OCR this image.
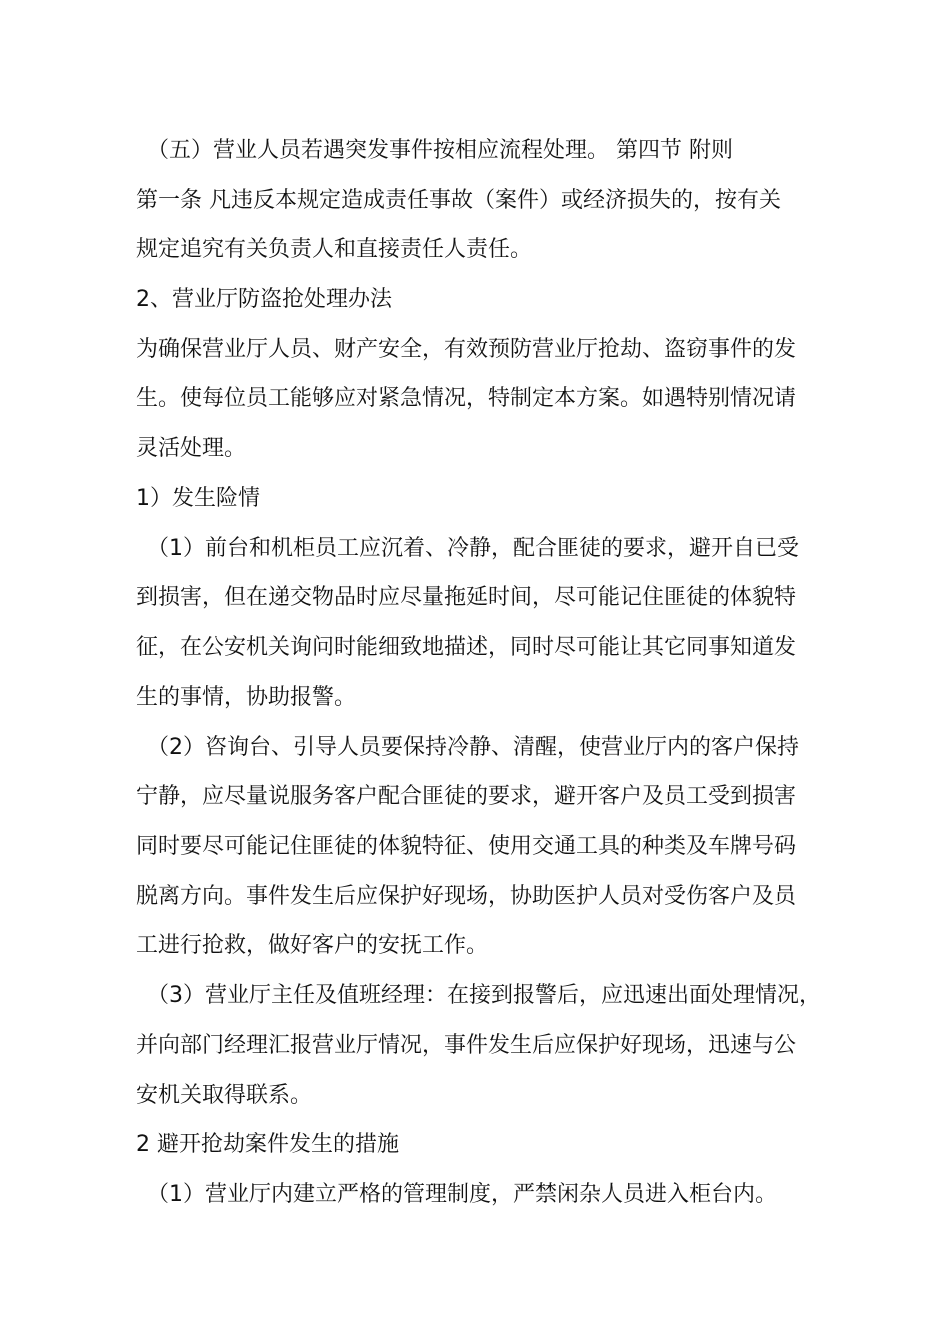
（五）营业人员若遇突发事件按相应流程处理。 第四节 附则
第一条 凡违反本规定造成责任事故（案件）或经济损失的，按有关
规定追究有关负责人和直接责任人责任。
2、营业厅防盗抢处理办法
为确保营业厅人员、财产安全，有效预防营业厅抢劫、盗窃事件的发
生。使每位员工能够应对紧急情况，特制定本方案。如遇特别情况请
灵活处理。
1）发生险情
（1）前台和机柜员工应沉着、冷静，配合匪徒的要求，避开自已受
到损害，但在递交物品时应尽量拖延时间，尽可能记住匪徒的体貌特
征，在公安机关询问时能细致地描述，同时尽可能让其它同事知道发
生的事情，协助报警。
（2）咨询台、引导人员要保持冷静、清醒，使营业厅内的客户保持
宁静，应尽量说服务客户配合匪徒的要求，避开客户及员工受到损害
同时要尽可能记住匪徒的体貌特征、使用交通工具的种类及车牌号码
脱离方向。事件发生后应保护好现场，协助医护人员对受伤客户及员
工进行抢救，做好客户的安抚工作。
（3）营业厅主任及值班经理：在接到报警后，应迅速出面处理情况，
并向部门经理汇报营业厅情况，事件发生后应保护好现场，迅速与公
安机关取得联系。
2 避开抢劫案件发生的措施
（1）营业厅内建立严格的管理制度，严禁闲杂人员进入柜台内。
